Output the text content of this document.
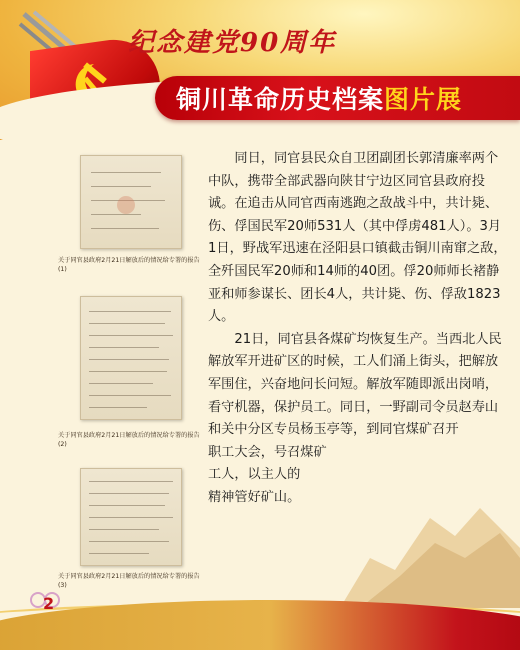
纪念建党90周年
铜川革命历史档案图片展
关于同官县政府2月21日解放后的情况给专署的报告(1)
关于同官县政府2月21日解放后的情况给专署的报告(2)
关于同官县政府2月21日解放后的情况给专署的报告(3)

同日，同官县民众自卫团副团长郭清廉率两个中队，携带全部武器向陕甘宁边区同官县政府投诚。在追击从同官西南逃跑之敌战斗中，共计毙、伤、俘国民军20师531人（其中俘虏481人）。3月1日，野战军迅速在泾阳县口镇截击铜川南窜之敌，全歼国民军20师和14师的40团。俘20师师长褚静亚和师参谋长、团长4人，共计毙、伤、俘敌1823人。

21日，同官县各煤矿均恢复生产。当西北人民解放军开进矿区的时候，工人们涌上街头，把解放军围住，兴奋地问长问短。解放军随即派出岗哨，看守机器，保护员工。同日，一野副司令员赵寿山和关中分区专员杨玉亭等，到同官煤矿召开

职工大会，号召煤矿
工人，以主人的
精神管好矿山。
2
